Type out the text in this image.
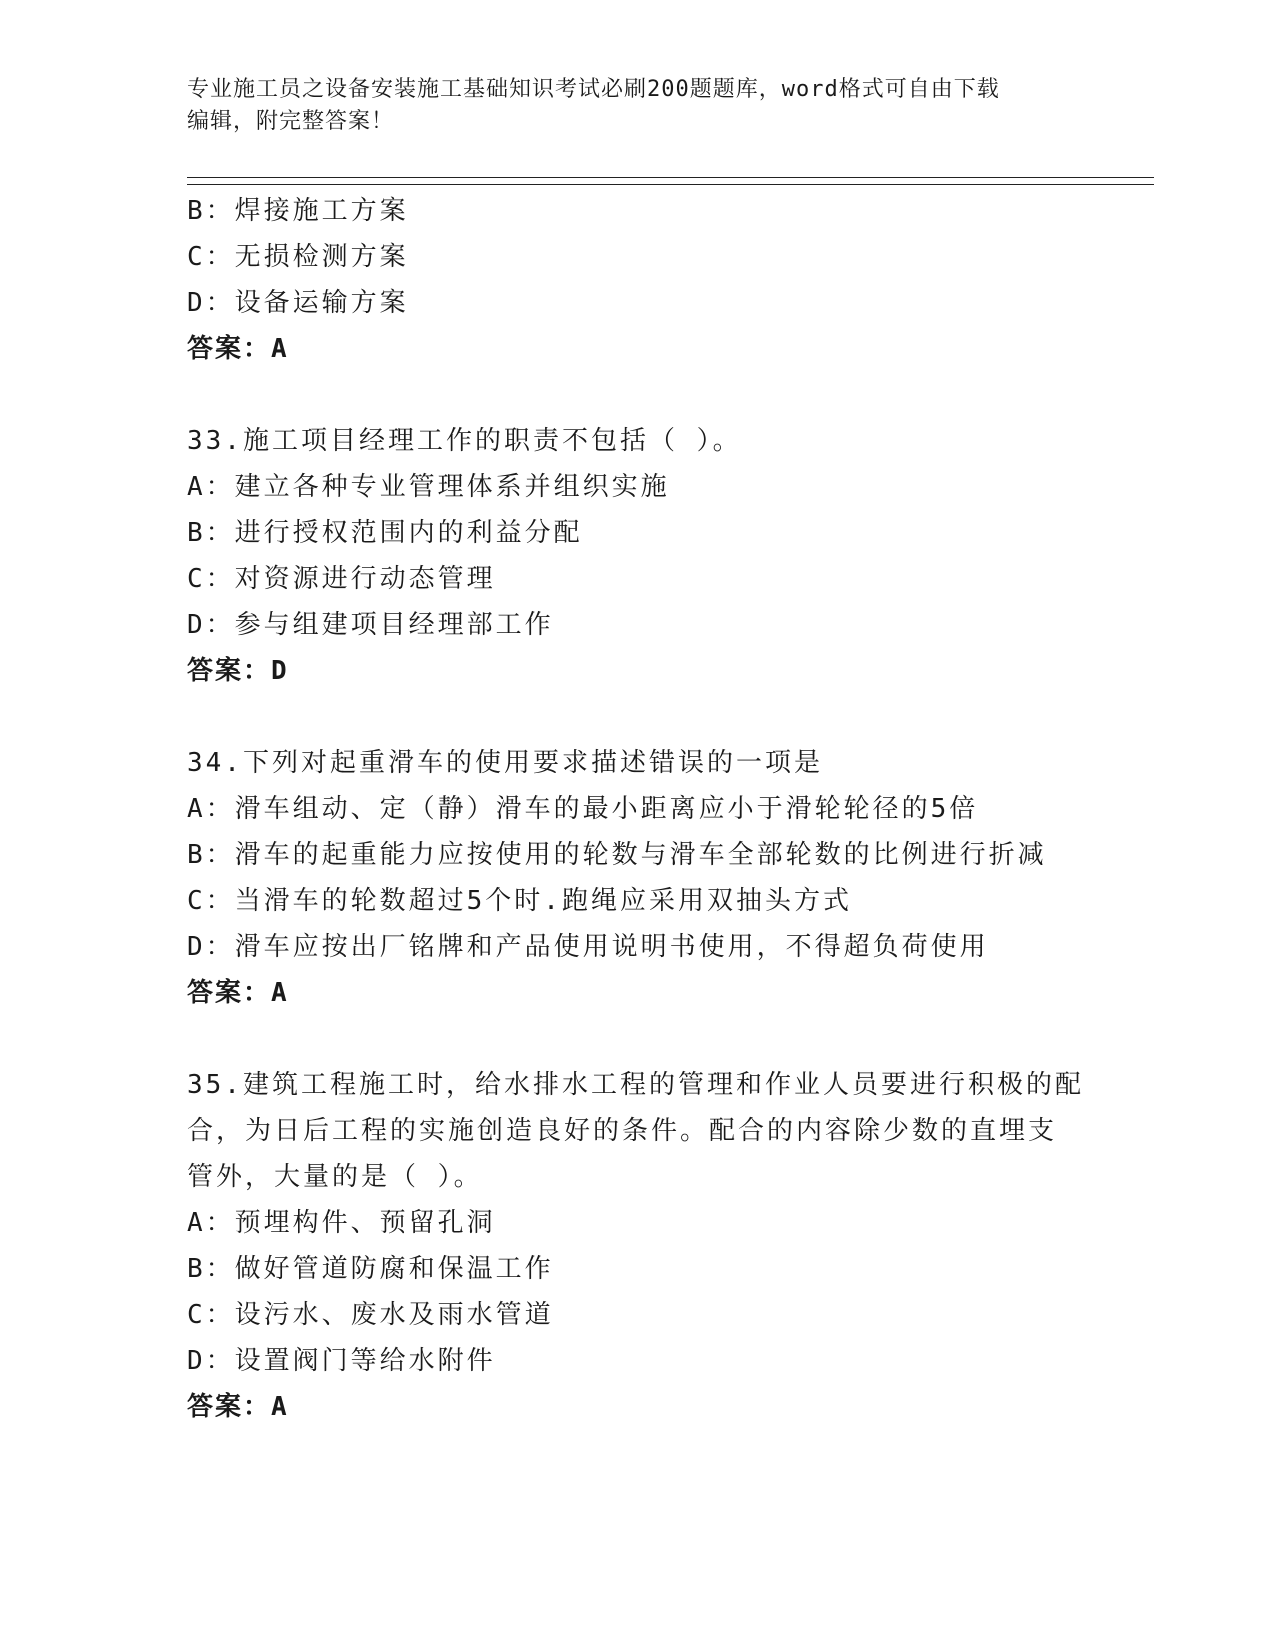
专业施工员之设备安装施工基础知识考试必刷200题题库，word格式可自由下载
编辑，附完整答案！
B：焊接施工方案
C：无损检测方案
D：设备运输方案
答案：A
33.施工项目经理工作的职责不包括（ ）。
A：建立各种专业管理体系并组织实施
B：进行授权范围内的利益分配
C：对资源进行动态管理
D：参与组建项目经理部工作
答案：D
34.下列对起重滑车的使用要求描述错误的一项是
A：滑车组动、定（静）滑车的最小距离应小于滑轮轮径的5倍
B：滑车的起重能力应按使用的轮数与滑车全部轮数的比例进行折减
C：当滑车的轮数超过5个时.跑绳应采用双抽头方式
D：滑车应按出厂铭牌和产品使用说明书使用，不得超负荷使用
答案：A
35.建筑工程施工时，给水排水工程的管理和作业人员要进行积极的配
合，为日后工程的实施创造良好的条件。配合的内容除少数的直埋支
管外，大量的是（ ）。
A：预埋构件、预留孔洞
B：做好管道防腐和保温工作
C：设污水、废水及雨水管道
D：设置阀门等给水附件
答案：A
